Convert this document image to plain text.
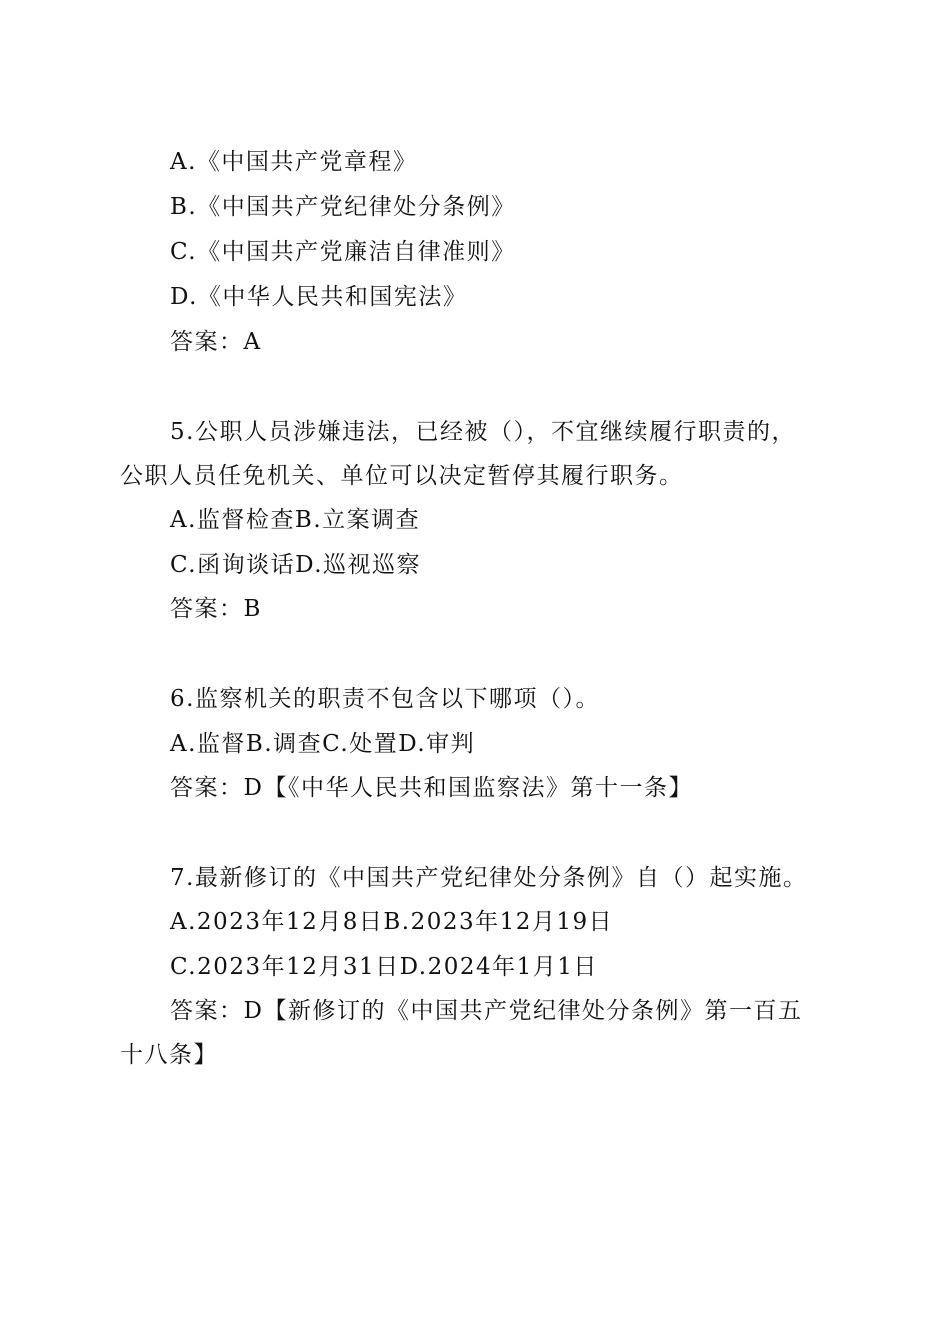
A.《中国共产党章程》
B.《中国共产党纪律处分条例》
C.《中国共产党廉洁自律准则》
D.《中华人民共和国宪法》
答案：A
5.公职人员涉嫌违法，已经被（），不宜继续履行职责的，
公职人员任免机关、单位可以决定暂停其履行职务。
A.监督检查B.立案调查
C.函询谈话D.巡视巡察
答案：B
6.监察机关的职责不包含以下哪项（）。
A.监督B.调查C.处置D.审判
答案：D【《中华人民共和国监察法》第十一条】
7.最新修订的《中国共产党纪律处分条例》自（）起实施。
A.2023年12月8日B.2023年12月19日
C.2023年12月31日D.2024年1月1日
答案：D【新修订的《中国共产党纪律处分条例》第一百五
十八条】
